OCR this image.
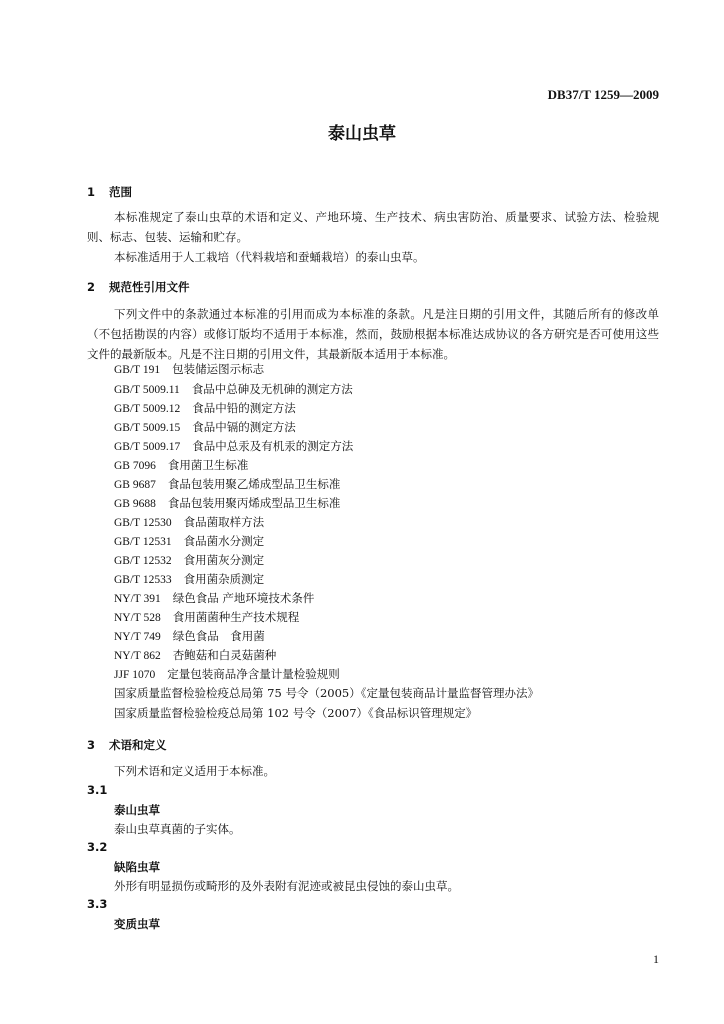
DB37/T 1259—2009
泰山虫草
1 范围
本标准规定了泰山虫草的术语和定义、产地环境、生产技术、病虫害防治、质量要求、试验方法、检验规则、标志、包装、运输和贮存。
本标准适用于人工栽培（代料栽培和蚕蛹栽培）的泰山虫草。
2 规范性引用文件
下列文件中的条款通过本标准的引用而成为本标准的条款。凡是注日期的引用文件，其随后所有的修改单（不包括勘误的内容）或修订版均不适用于本标准，然而，鼓励根据本标准达成协议的各方研究是否可使用这些文件的最新版本。凡是不注日期的引用文件，其最新版本适用于本标准。
GB/T 191 包装储运图示标志
GB/T 5009.11 食品中总砷及无机砷的测定方法
GB/T 5009.12 食品中铅的测定方法
GB/T 5009.15 食品中镉的测定方法
GB/T 5009.17 食品中总汞及有机汞的测定方法
GB 7096 食用菌卫生标准
GB 9687 食品包装用聚乙烯成型品卫生标准
GB 9688 食品包装用聚丙烯成型品卫生标准
GB/T 12530 食品菌取样方法
GB/T 12531 食品菌水分测定
GB/T 12532 食用菌灰分测定
GB/T 12533 食用菌杂质测定
NY/T 391 绿色食品 产地环境技术条件
NY/T 528 食用菌菌种生产技术规程
NY/T 749 绿色食品　食用菌
NY/T 862 杏鲍菇和白灵菇菌种
JJF 1070 定量包装商品净含量计量检验规则
国家质量监督检验检疫总局第 75 号令（2005）《定量包装商品计量监督管理办法》
国家质量监督检验检疫总局第 102 号令（2007）《食品标识管理规定》
3 术语和定义
下列术语和定义适用于本标准。
3.1
泰山虫草
泰山虫草真菌的子实体。
3.2
缺陷虫草
外形有明显损伤或畸形的及外表附有泥迹或被昆虫侵蚀的泰山虫草。
3.3
变质虫草
1
